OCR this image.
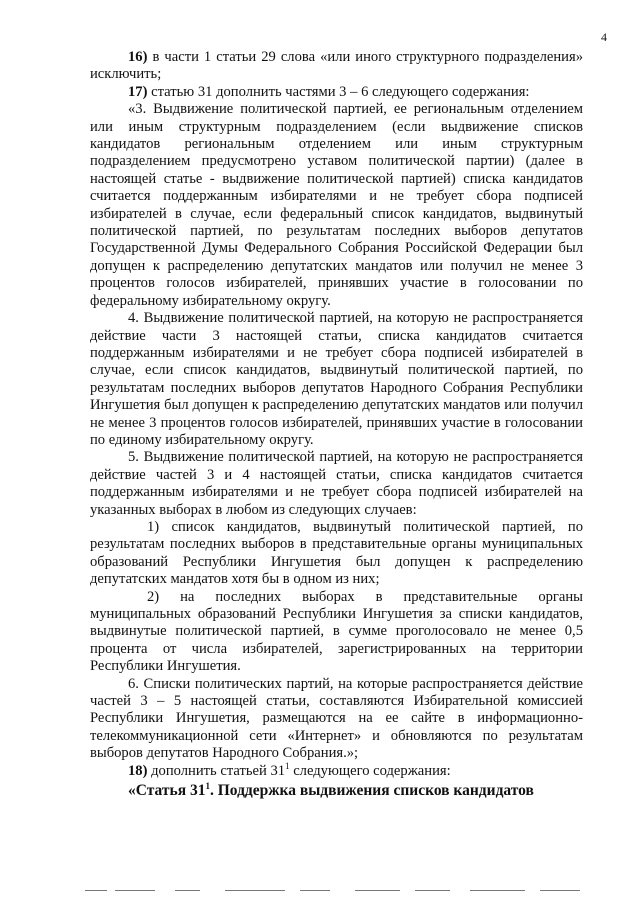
4

16) в части 1 статьи 29 слова «или иного структурного подразделения» исключить;

17) статью 31 дополнить частями 3 – 6 следующего содержания:

«3. Выдвижение политической партией, ее региональным отделением или иным структурным подразделением (если выдвижение списков кандидатов региональным отделением или иным структурным подразделением предусмотрено уставом политической партии) (далее в настоящей статье - выдвижение политической партией) списка кандидатов считается поддержанным избирателями и не требует сбора подписей избирателей в случае, если федеральный список кандидатов, выдвинутый политической партией, по результатам последних выборов депутатов Государственной Думы Федерального Собрания Российской Федерации был допущен к распределению депутатских мандатов или получил не менее 3 процентов голосов избирателей, принявших участие в голосовании по федеральному избирательному округу.

4. Выдвижение политической партией, на которую не распространяется действие части 3 настоящей статьи, списка кандидатов считается поддержанным избирателями и не требует сбора подписей избирателей в случае, если список кандидатов, выдвинутый политической партией, по результатам последних выборов депутатов Народного Собрания Республики Ингушетия был допущен к распределению депутатских мандатов или получил не менее 3 процентов голосов избирателей, принявших участие в голосовании по единому избирательному округу.

5. Выдвижение политической партией, на которую не распространяется действие частей 3 и 4 настоящей статьи, списка кандидатов считается поддержанным избирателями и не требует сбора подписей избирателей на указанных выборах в любом из следующих случаев:

1) список кандидатов, выдвинутый политической партией, по результатам последних выборов в представительные органы муниципальных образований Республики Ингушетия был допущен к распределению депутатских мандатов хотя бы в одном из них;

2) на последних выборах в представительные органы муниципальных образований Республики Ингушетия за списки кандидатов, выдвинутые политической партией, в сумме проголосовало не менее 0,5 процента от числа избирателей, зарегистрированных на территории Республики Ингушетия.

6. Списки политических партий, на которые распространяется действие частей 3 – 5 настоящей статьи, составляются Избирательной комиссией Республики Ингушетия, размещаются на ее сайте в информационно-телекоммуникационной сети «Интернет» и обновляются по результатам выборов депутатов Народного Собрания.»;

18) дополнить статьей $31^1$ следующего содержания:

«Статья $31^1$. Поддержка выдвижения списков кандидатов
